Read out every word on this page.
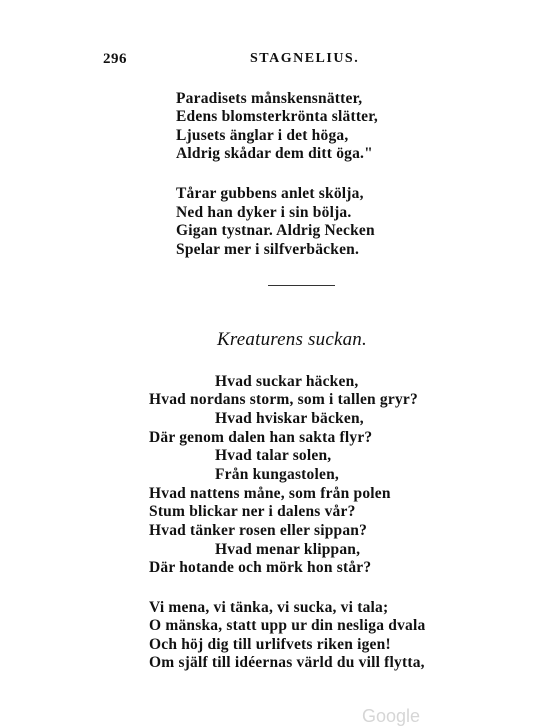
296	STAGNELIUS.
Paradisets månskensnätter,
Edens blomsterkrönta slätter,
Ljusets änglar i det höga,
Aldrig skådar dem ditt öga."
Tårar gubbens anlet skölja,
Ned han dyker i sin bölja.
Gigan tystnar. Aldrig Necken
Spelar mer i silfverbäcken.
Kreaturens suckan.
Hvad suckar häcken,
Hvad nordans storm, som i tallen gryr?
Hvad hviskar bäcken,
Där genom dalen han sakta flyr?
Hvad talar solen,
Från kungastolen,
Hvad nattens måne, som från polen
Stum blickar ner i dalens vår?
Hvad tänker rosen eller sippan?
Hvad menar klippan,
Där hotande och mörk hon står?
Vi mena, vi tänka, vi sucka, vi tala;
O mänska, statt upp ur din nesliga dvala
Och höj dig till urlifvets riken igen!
Om själf till idéernas värld du vill flytta,
Google
